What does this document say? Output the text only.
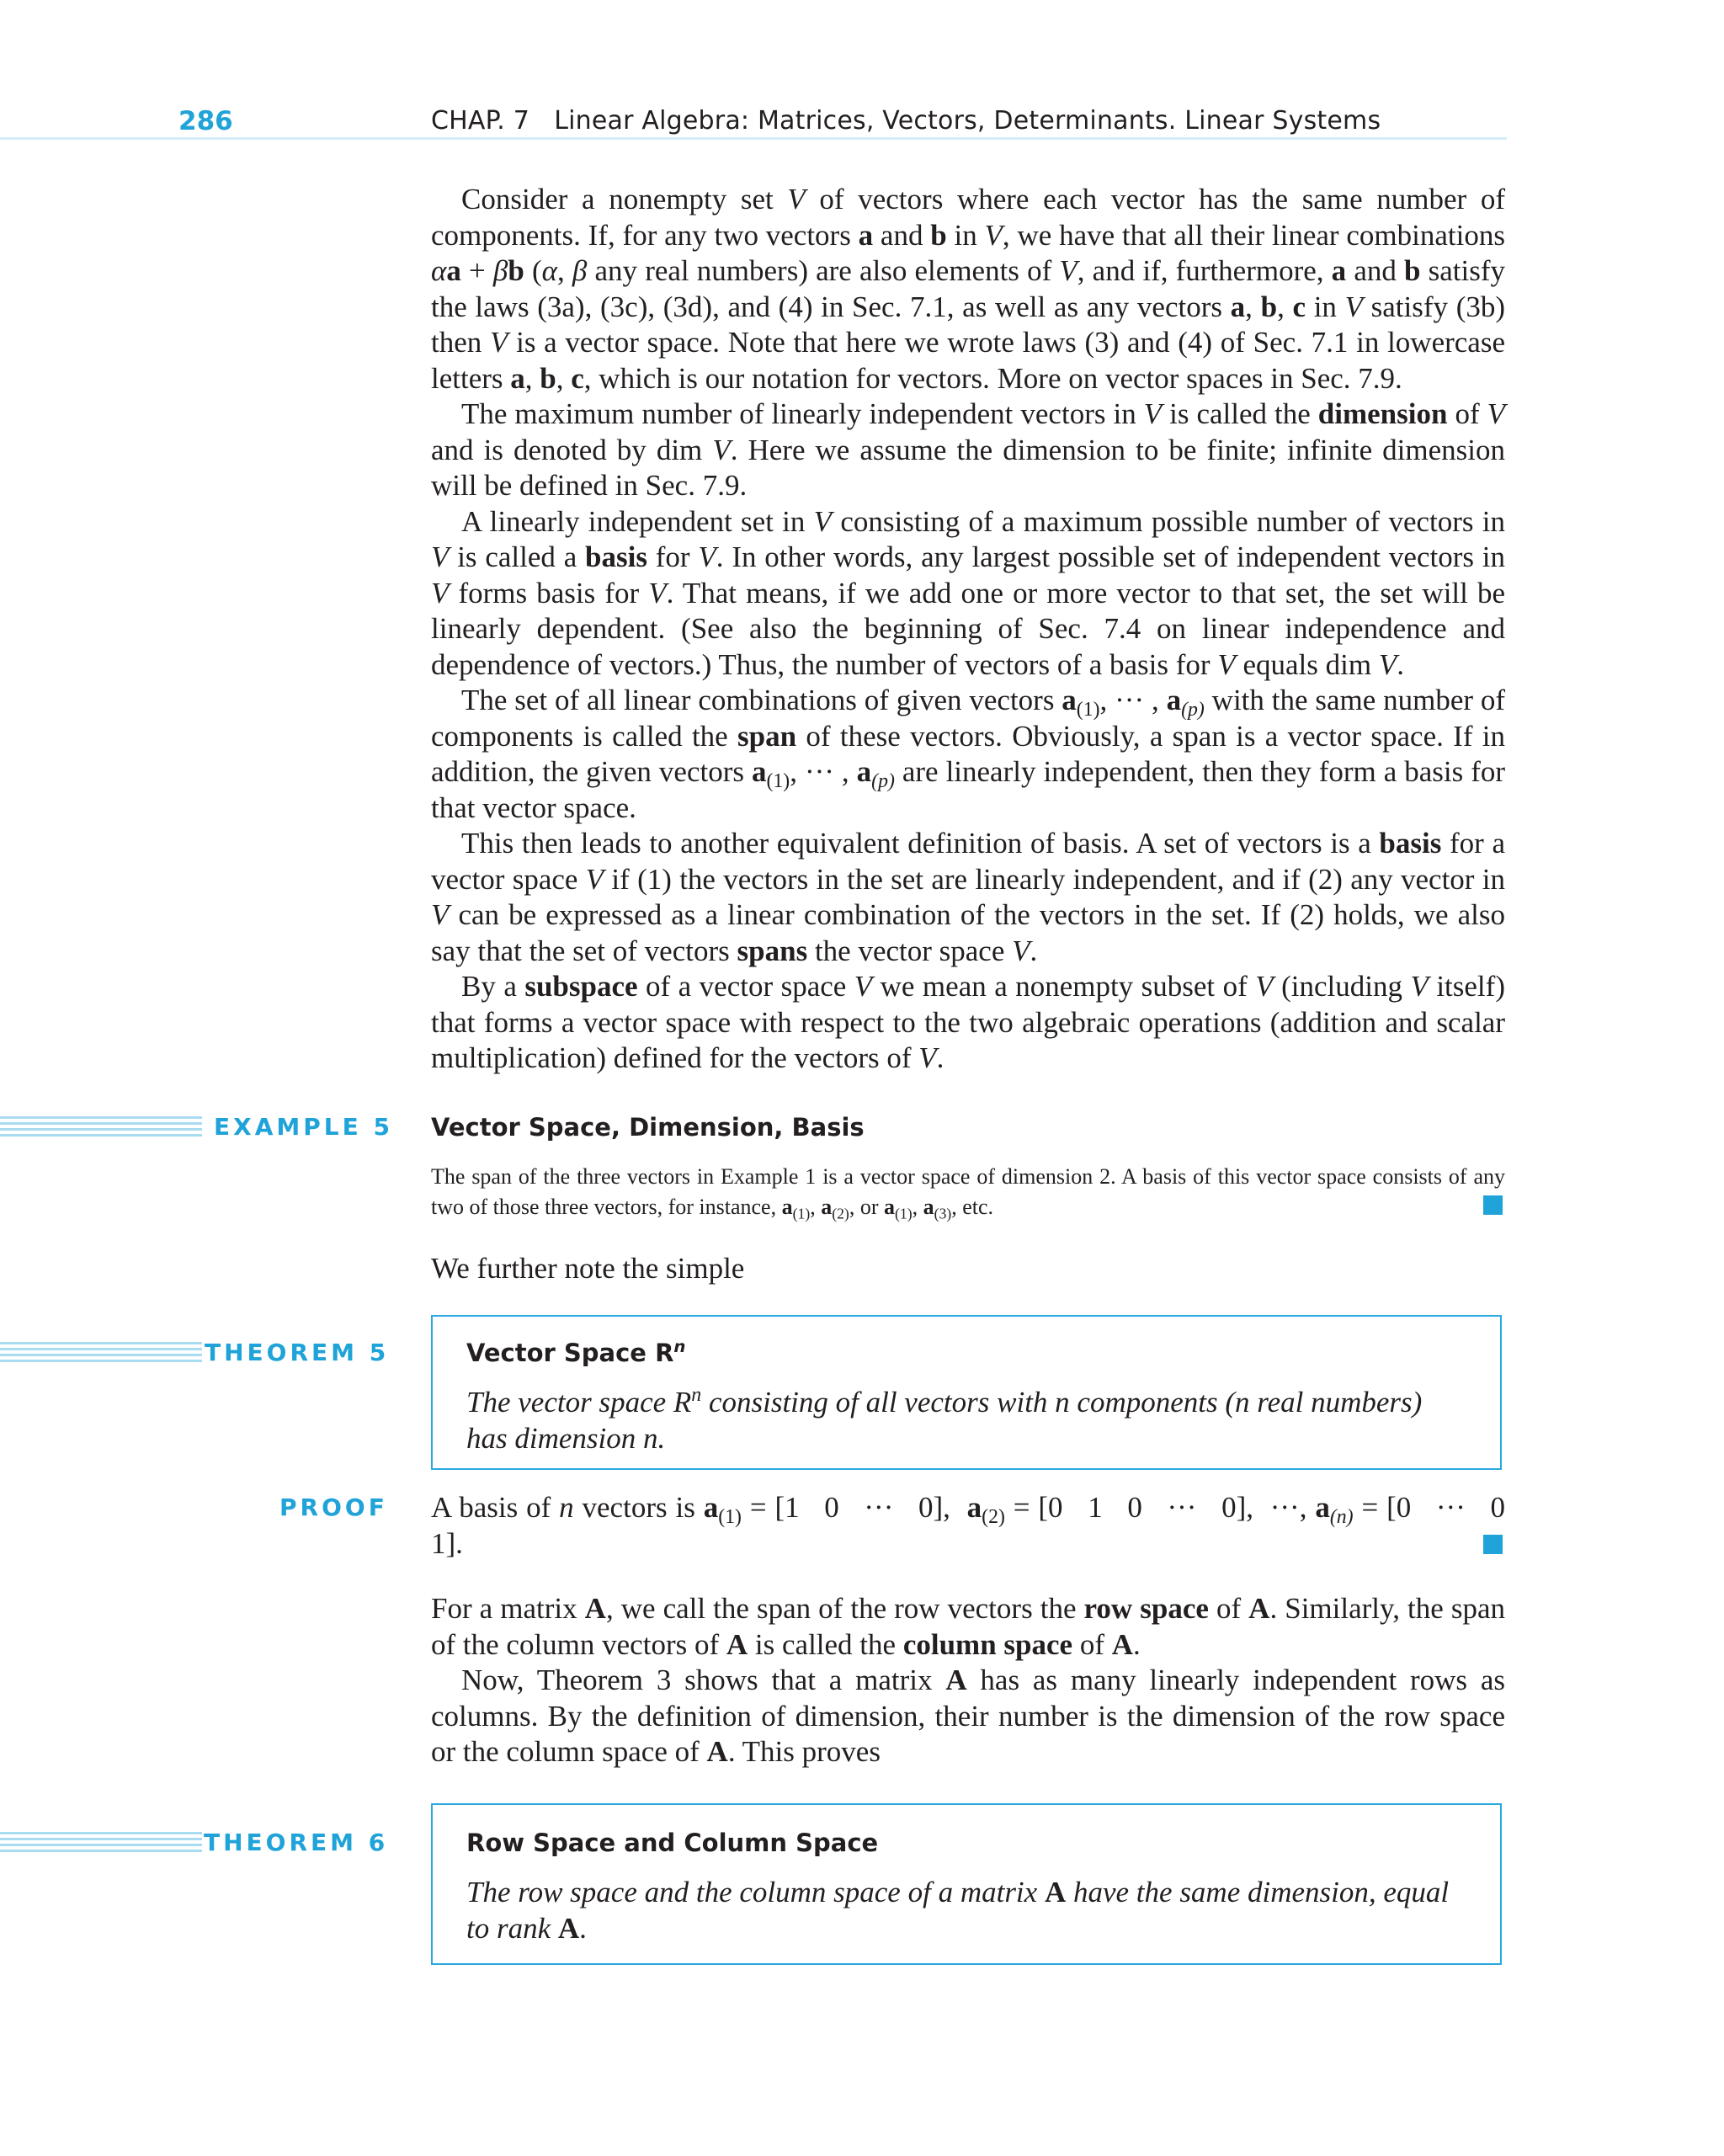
286	CHAP. 7   Linear Algebra: Matrices, Vectors, Determinants. Linear Systems

Consider a nonempty set V of vectors where each vector has the same number of components. If, for any two vectors a and b in V, we have that all their linear combinations αa + βb (α, β any real numbers) are also elements of V, and if, furthermore, a and b satisfy the laws (3a), (3c), (3d), and (4) in Sec. 7.1, as well as any vectors a, b, c in V satisfy (3b) then V is a vector space. Note that here we wrote laws (3) and (4) of Sec. 7.1 in lowercase letters a, b, c, which is our notation for vectors. More on vector spaces in Sec. 7.9.

The maximum number of linearly independent vectors in V is called the dimension of V and is denoted by dim V. Here we assume the dimension to be finite; infinite dimension will be defined in Sec. 7.9.

A linearly independent set in V consisting of a maximum possible number of vectors in V is called a basis for V. In other words, any largest possible set of independent vectors in V forms basis for V. That means, if we add one or more vector to that set, the set will be linearly dependent. (See also the beginning of Sec. 7.4 on linear independence and dependence of vectors.) Thus, the number of vectors of a basis for V equals dim V.

The set of all linear combinations of given vectors $a_{(1)}$, ··· , $a_{(p)}$ with the same number of components is called the span of these vectors. Obviously, a span is a vector space. If in addition, the given vectors $a_{(1)}$, ··· , $a_{(p)}$ are linearly independent, then they form a basis for that vector space.

This then leads to another equivalent definition of basis. A set of vectors is a basis for a vector space V if (1) the vectors in the set are linearly independent, and if (2) any vector in V can be expressed as a linear combination of the vectors in the set. If (2) holds, we also say that the set of vectors spans the vector space V.

By a subspace of a vector space V we mean a nonempty subset of V (including V itself) that forms a vector space with respect to the two algebraic operations (addition and scalar multiplication) defined for the vectors of V.

EXAMPLE 5 Vector Space, Dimension, Basis

The span of the three vectors in Example 1 is a vector space of dimension 2. A basis of this vector space consists of any two of those three vectors, for instance, $a_{(1)}$, $a_{(2)}$, or $a_{(1)}$, $a_{(3)}$, etc.

We further note the simple

THEOREM 5	Vector Space $R^n$
The vector space $R^n$ consisting of all vectors with n components (n real numbers) has dimension n.
PROOF A basis of n vectors is $a_{(1)} = [1$   0   ···   0],  $a_{(2)} = [0$   1   0   ···   0],  ···, $a_{(n)} = [0$   ···   0   1].

For a matrix A, we call the span of the row vectors the row space of A. Similarly, the span of the column vectors of A is called the column space of A.

Now, Theorem 3 shows that a matrix A has as many linearly independent rows as columns. By the definition of dimension, their number is the dimension of the row space or the column space of A. This proves

THEOREM 6	Row Space and Column Space
The row space and the column space of a matrix A have the same dimension, equal to rank A.
